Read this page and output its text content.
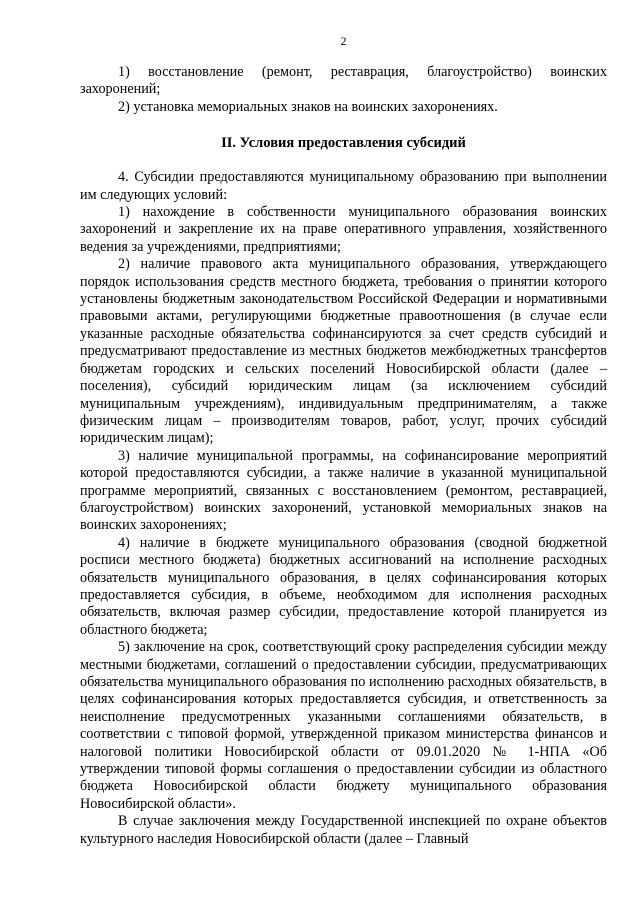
2

1) восстановление (ремонт, реставрация, благоустройство) воинских захоронений;

2) установка мемориальных знаков на воинских захоронениях.

II. Условия предоставления субсидий

4. Субсидии предоставляются муниципальному образованию при выполнении им следующих условий:

1) нахождение в собственности муниципального образования воинских захоронений и закрепление их на праве оперативного управления, хозяйственного ведения за учреждениями, предприятиями;

2) наличие правового акта муниципального образования, утверждающего порядок использования средств местного бюджета, требования о принятии которого установлены бюджетным законодательством Российской Федерации и нормативными правовыми актами, регулирующими бюджетные правоотношения (в случае если указанные расходные обязательства софинансируются за счет средств субсидий и предусматривают предоставление из местных бюджетов межбюджетных трансфертов бюджетам городских и сельских поселений Новосибирской области (далее – поселения), субсидий юридическим лицам (за исключением субсидий муниципальным учреждениям), индивидуальным предпринимателям, а также физическим лицам – производителям товаров, работ, услуг, прочих субсидий юридическим лицам);

3) наличие муниципальной программы, на софинансирование мероприятий которой предоставляются субсидии, а также наличие в указанной муниципальной программе мероприятий, связанных с восстановлением (ремонтом, реставрацией, благоустройством) воинских захоронений, установкой мемориальных знаков на воинских захоронениях;

4) наличие в бюджете муниципального образования (сводной бюджетной росписи местного бюджета) бюджетных ассигнований на исполнение расходных обязательств муниципального образования, в целях софинансирования которых предоставляется субсидия, в объеме, необходимом для исполнения расходных обязательств, включая размер субсидии, предоставление которой планируется из областного бюджета;

5) заключение на срок, соответствующий сроку распределения субсидии между местными бюджетами, соглашений о предоставлении субсидии, предусматривающих обязательства муниципального образования по исполнению расходных обязательств, в целях софинансирования которых предоставляется субсидия, и ответственность за неисполнение предусмотренных указанными соглашениями обязательств, в соответствии с типовой формой, утвержденной приказом министерства финансов и налоговой политики Новосибирской области от 09.01.2020 № 1-НПА «Об утверждении типовой формы соглашения о предоставлении субсидии из областного бюджета Новосибирской области бюджету муниципального образования Новосибирской области».

В случае заключения между Государственной инспекцией по охране объектов культурного наследия Новосибирской области (далее – Главный
